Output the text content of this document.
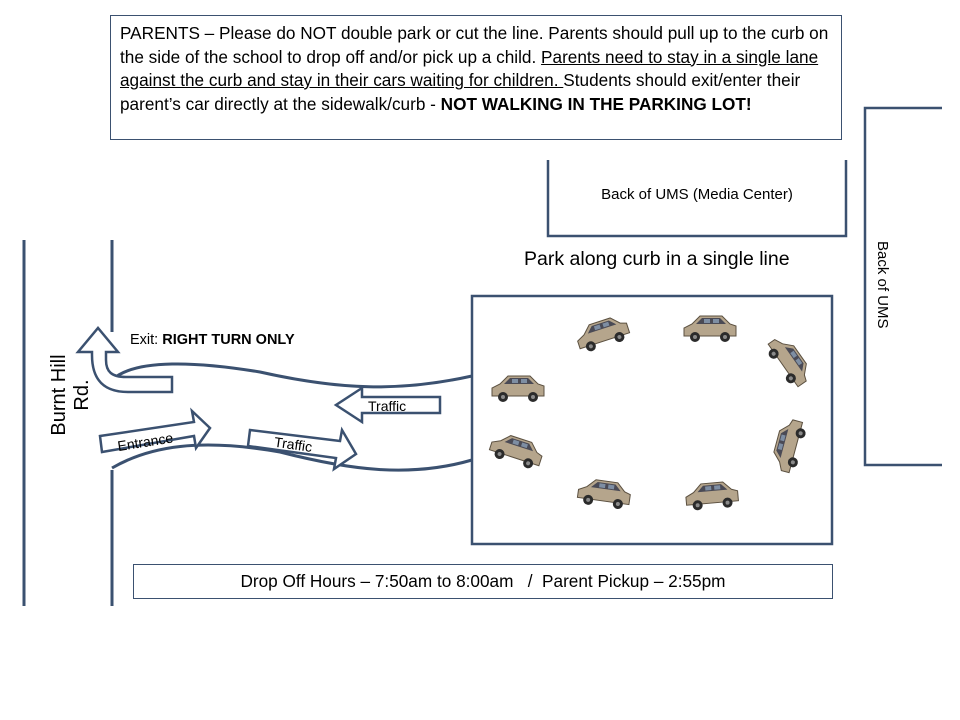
Entrance	Traffic
Traffic
PARENTS – Please do NOT double park or cut the line. Parents should pull up to the curb on the side of the school to drop off and/or pick up a child. Parents need to stay in a single lane against the curb and stay in their cars waiting for children. Students should exit/enter their parent’s car directly at the sidewalk/curb - NOT WALKING IN THE PARKING LOT!
Back of UMS (Media Center)
Park along curb in a single line	Back of UMS
Burnt Hill Rd.
Exit: RIGHT TURN ONLY
Drop Off Hours – 7:50am to 8:00am   /  Parent Pickup – 2:55pm
